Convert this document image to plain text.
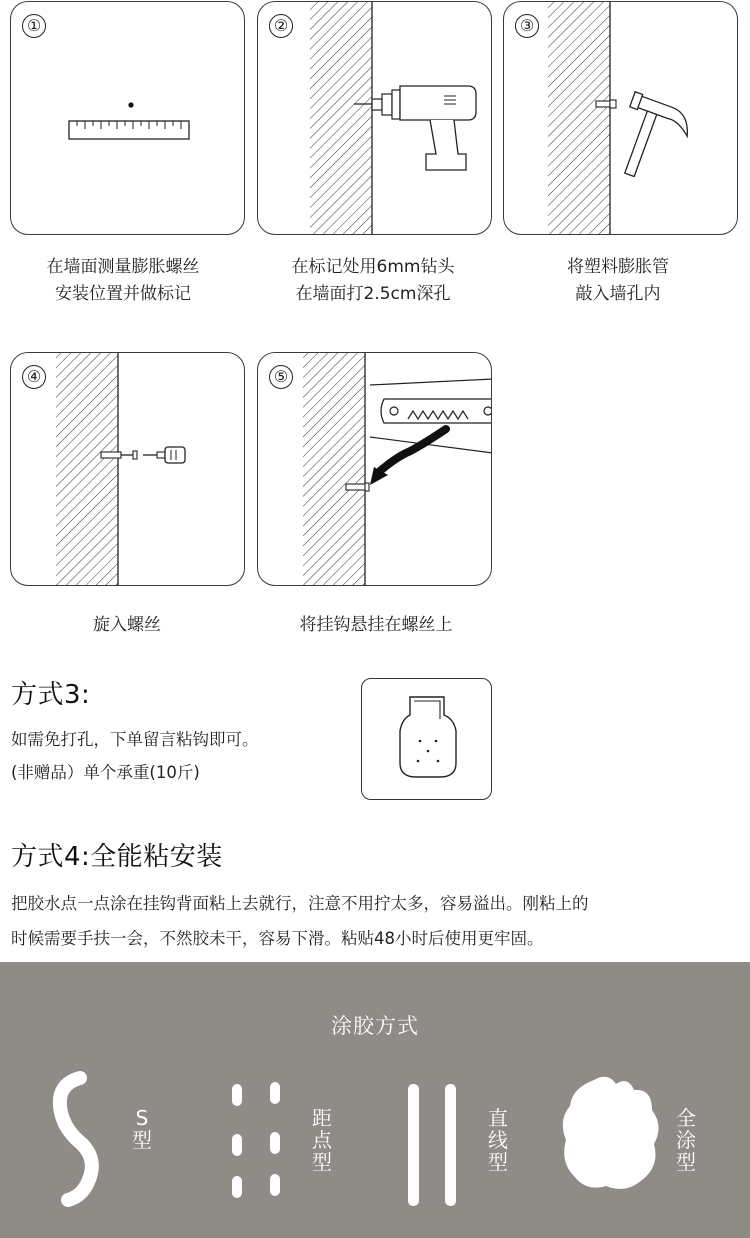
①
在墙面测量膨胀螺丝
安装位置并做标记
②
在标记处用6mm钻头
在墙面打2.5cm深孔
③
将塑料膨胀管
敲入墙孔内
④
旋入螺丝
⑤
将挂钩悬挂在螺丝上
方式3:
如需免打孔，下单留言粘钩即可。
(非赠品）单个承重(10斤)
方式4:全能粘安装
把胶水点一点涂在挂钩背面粘上去就行，注意不用拧太多，容易溢出。刚粘上的
时候需要手扶一会，不然胶未干，容易下滑。粘贴48小时后使用更牢固。
涂胶方式
S
型
距
点
型
直
线
型
全
涂
型
